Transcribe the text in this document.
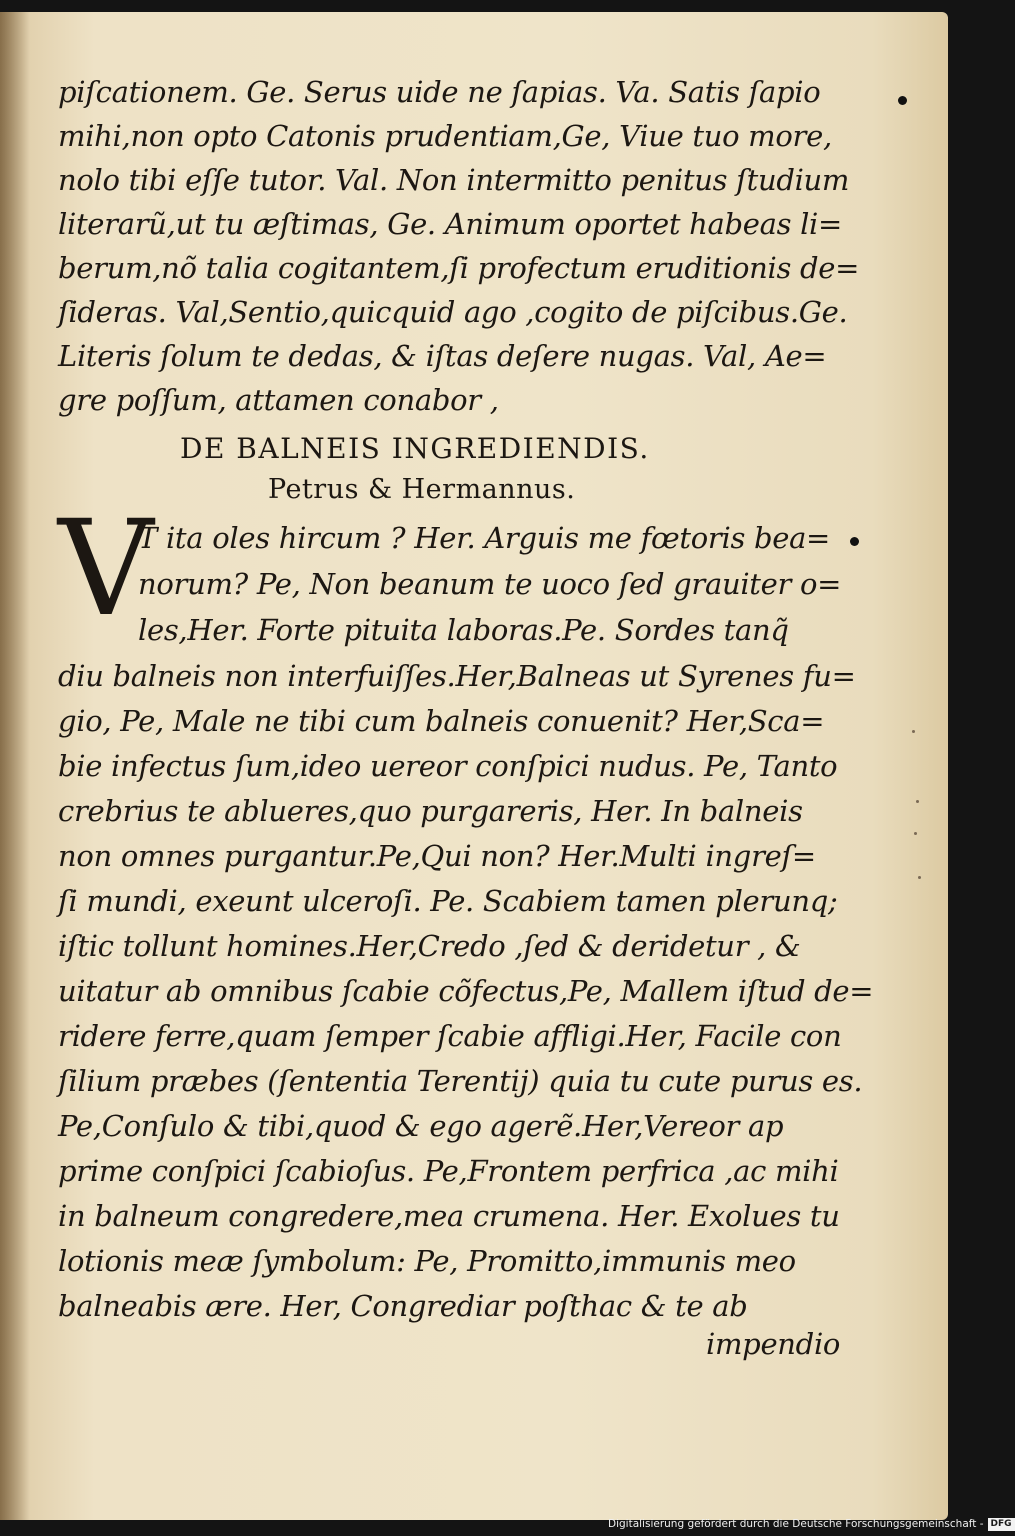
piſcationem. Ge. Serus uide ne ſapias. Va. Satis ſapio
mihi,non opto Catonis prudentiam,Ge, Viue tuo more,
nolo tibi eſſe tutor. Val. Non intermitto penitus ſtudium
literarũ,ut tu æſtimas, Ge. Animum oportet habeas li=
berum,nõ talia cogitantem,ſi profectum eruditionis de=
ſideras. Val,Sentio,quicquid ago ,cogito de piſcibus.Ge.
Literis ſolum te dedas, & iſtas deſere nugas. Val, Ae=
gre poſſum, attamen conabor ,
DE BALNEIS INGREDIENDIS.
Petrus & Hermannus.
V
T ita oles hircum ? Her. Arguis me fœtoris bea=
norum? Pe, Non beanum te uoco ſed grauiter o=
les,Her. Forte pituita laboras.Pe. Sordes tanq̃
diu balneis non interfuiſſes.Her,Balneas ut Syrenes fu=
gio, Pe, Male ne tibi cum balneis conuenit? Her,Sca=
bie infectus ſum,ideo uereor conſpici nudus. Pe, Tanto
crebrius te ablueres,quo purgareris, Her. In balneis
non omnes purgantur.Pe,Qui non? Her.Multi ingreſ=
ſi mundi, exeunt ulceroſi. Pe. Scabiem tamen plerunq;
iſtic tollunt homines.Her,Credo ,ſed & deridetur , &
uitatur ab omnibus ſcabie cõfectus,Pe, Mallem iſtud de=
ridere ferre,quam ſemper ſcabie affligi.Her, Facile con
ſilium præbes (ſententia Terentij) quia tu cute purus es.
Pe,Conſulo & tibi,quod & ego agerẽ.Her,Vereor ap
prime conſpici ſcabioſus. Pe,Frontem perfrica ,ac mihi
in balneum congredere,mea crumena. Her. Exolues tu
lotionis meæ ſymbolum: Pe, Promitto,immunis meo
balneabis ære. Her, Congrediar poſthac & te ab
impendio
Digitalisierung gefördert durch die Deutsche Forschungsgemeinschaft - DFG
